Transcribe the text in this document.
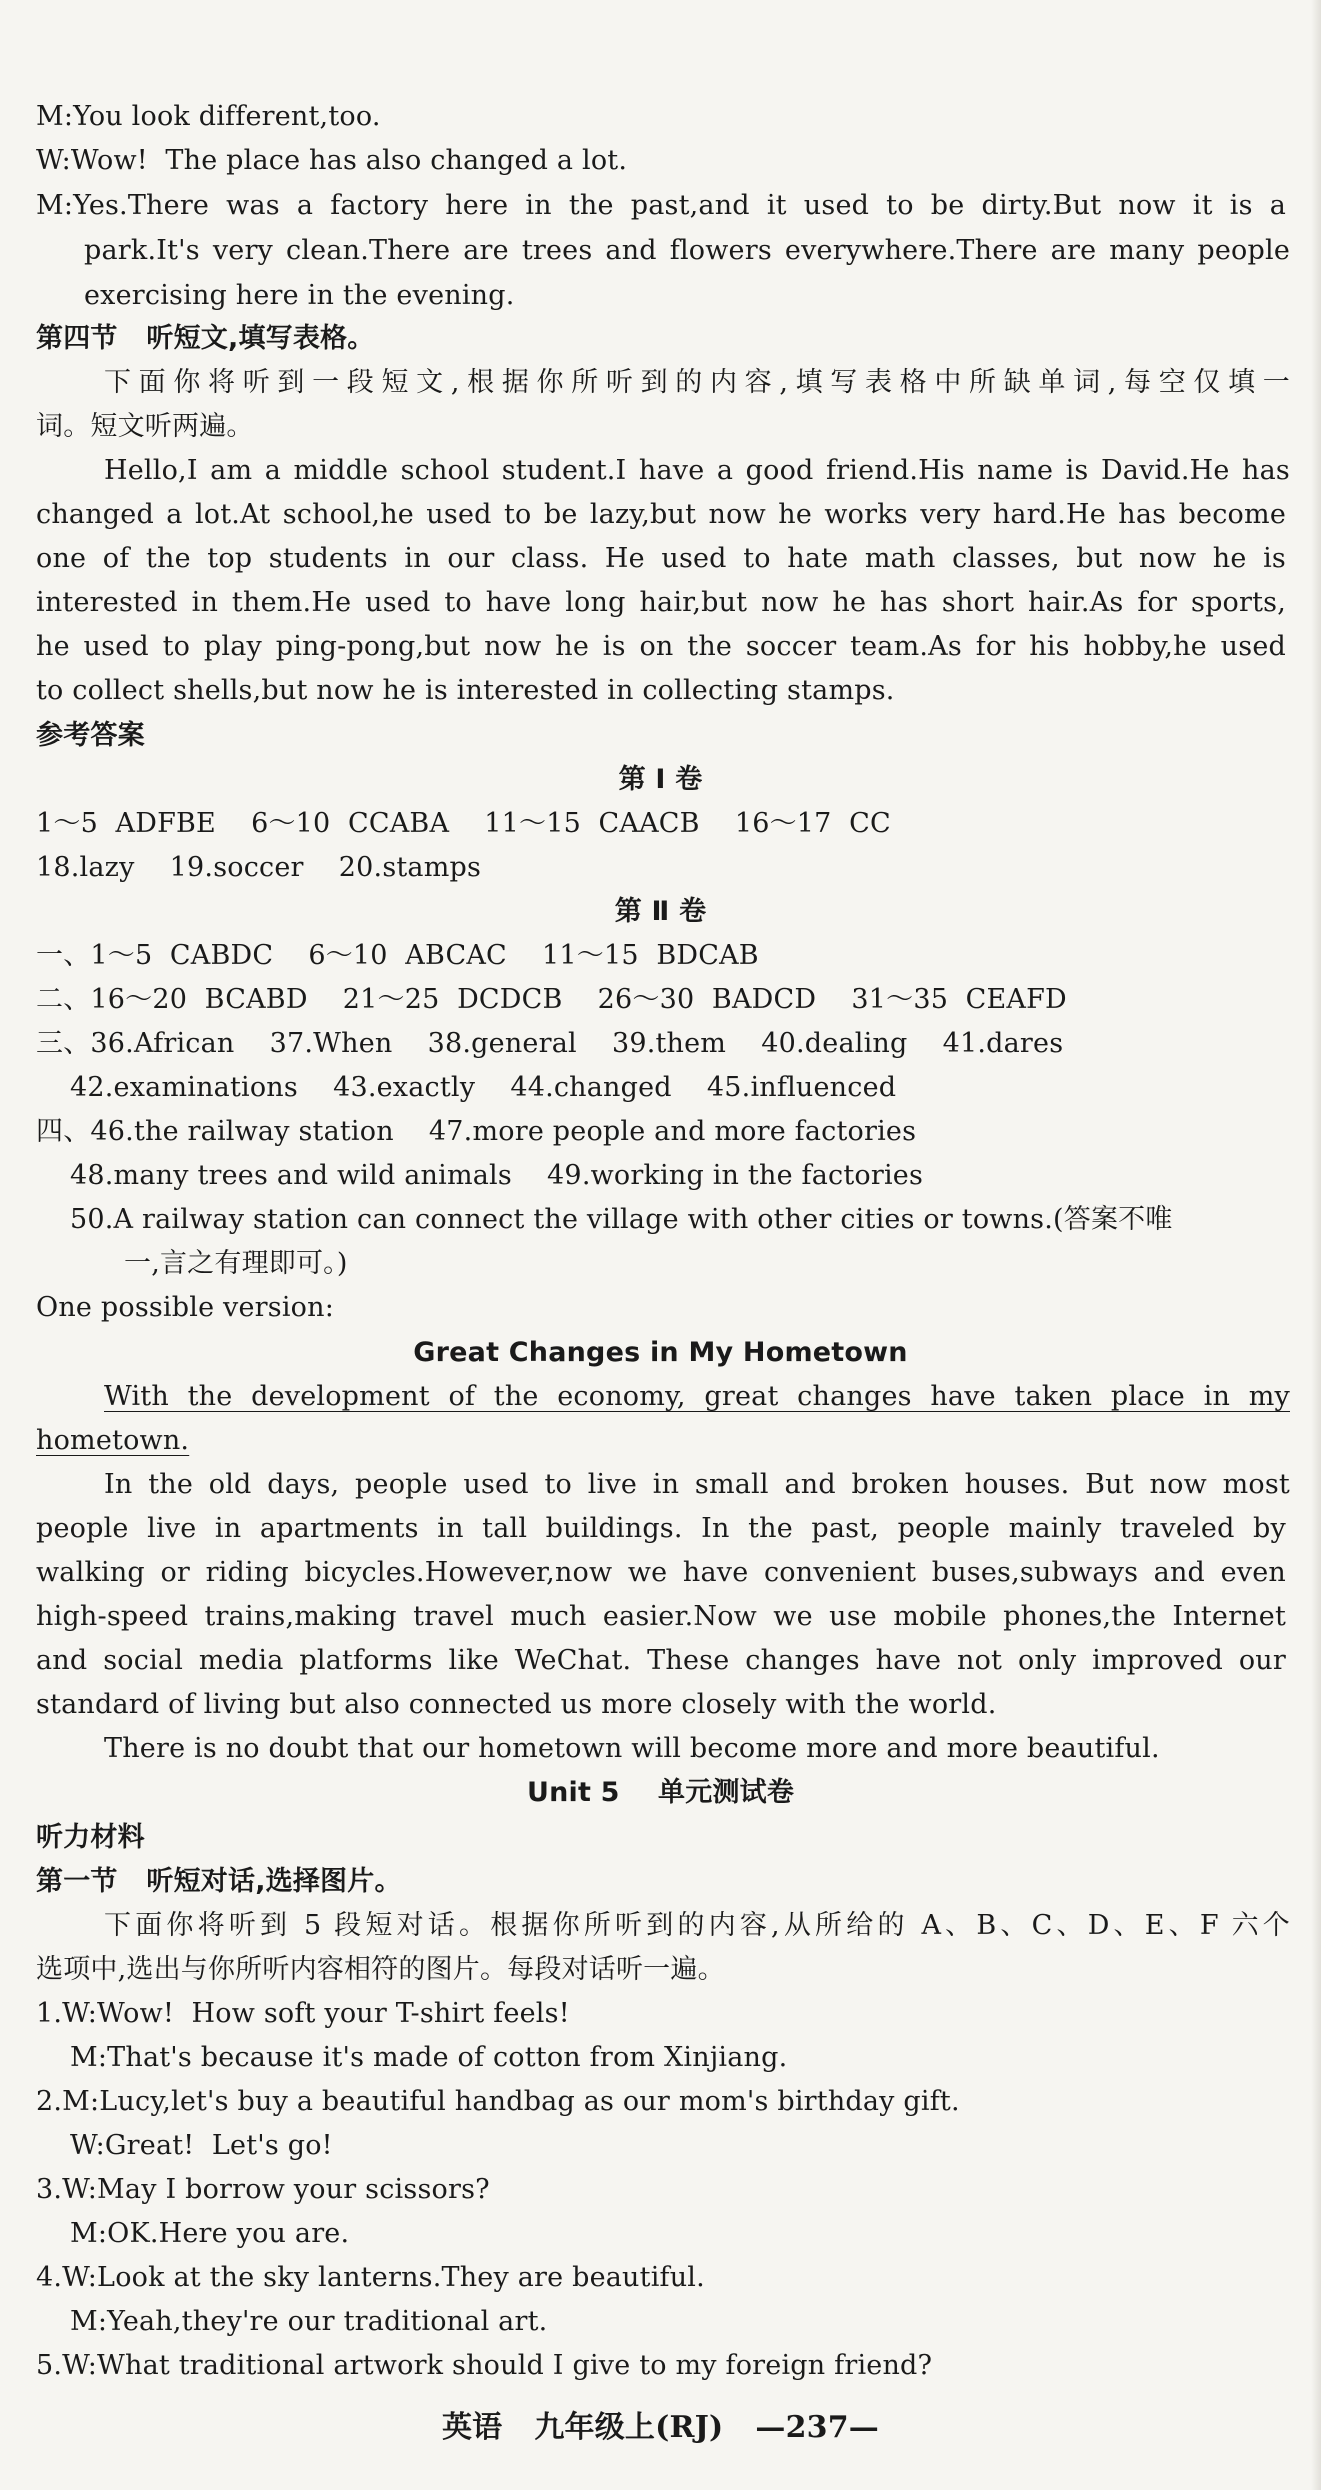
M:You look different,too.
W:Wow!  The place has also changed a lot.
M:Yes.There was a factory here in the past,and it used to be dirty.But now it is a
park.It's very clean.There are trees and flowers everywhere.There are many people
exercising here in the evening.
第四节   听短文,填写表格。
下面你将听到一段短文,根据你所听到的内容,填写表格中所缺单词,每空仅填一
词。短文听两遍。
Hello,I am a middle school student.I have a good friend.His name is David.He has
changed a lot.At school,he used to be lazy,but now he works very hard.He has become
one of the top students in our class. He used to hate math classes, but now he is
interested in them.He used to have long hair,but now he has short hair.As for sports,
he used to play ping-pong,but now he is on the soccer team.As for his hobby,he used
to collect shells,but now he is interested in collecting stamps.
参考答案
第 Ⅰ 卷
1～5  ADFBE    6～10  CCABA    11～15  CAACB    16～17  CC
18.lazy    19.soccer    20.stamps
第 Ⅱ 卷
一、1～5  CABDC    6～10  ABCAC    11～15  BDCAB
二、16～20  BCABD    21～25  DCDCB    26～30  BADCD    31～35  CEAFD
三、36.African    37.When    38.general    39.them    40.dealing    41.dares
42.examinations    43.exactly    44.changed    45.influenced
四、46.the railway station    47.more people and more factories
48.many trees and wild animals    49.working in the factories
50.A railway station can connect the village with other cities or towns.(答案不唯
一,言之有理即可。)
One possible version:
Great Changes in My Hometown
With the development of the economy, great changes have taken place in my
hometown.
In the old days, people used to live in small and broken houses. But now most
people live in apartments in tall buildings. In the past, people mainly traveled by
walking or riding bicycles.However,now we have convenient buses,subways and even
high-speed trains,making travel much easier.Now we use mobile phones,the Internet
and social media platforms like WeChat. These changes have not only improved our
standard of living but also connected us more closely with the world.
There is no doubt that our hometown will become more and more beautiful.
Unit 5    单元测试卷
听力材料
第一节   听短对话,选择图片。
下面你将听到 5 段短对话。根据你所听到的内容,从所给的 A、B、C、D、E、F 六个
选项中,选出与你所听内容相符的图片。每段对话听一遍。
1.W:Wow!  How soft your T-shirt feels!
M:That's because it's made of cotton from Xinjiang.
2.M:Lucy,let's buy a beautiful handbag as our mom's birthday gift.
W:Great!  Let's go!
3.W:May I borrow your scissors?
M:OK.Here you are.
4.W:Look at the sky lanterns.They are beautiful.
M:Yeah,they're our traditional art.
5.W:What traditional artwork should I give to my foreign friend?
英语   九年级上(RJ)   —237—
